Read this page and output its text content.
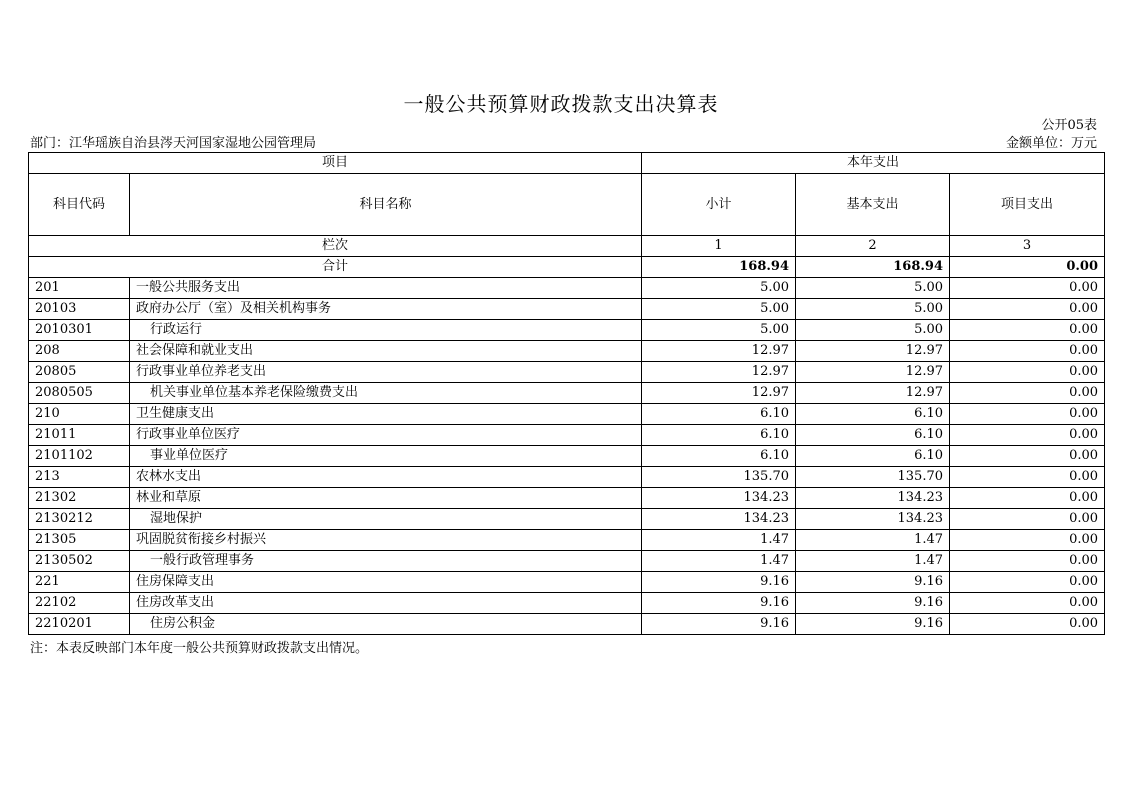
一般公共预算财政拨款支出决算表
公开05表
部门：江华瑶族自治县涔天河国家湿地公园管理局	金额单位：万元
项目		本年支出		
科目代码	科目名称	小计	基本支出	项目支出
栏次		1	2	3
合计		168.94	168.94	0.00
201	一般公共服务支出	5.00	5.00	0.00
20103	政府办公厅（室）及相关机构事务	5.00	5.00	0.00
2010301	行政运行	5.00	5.00	0.00
208	社会保障和就业支出	12.97	12.97	0.00
20805	行政事业单位养老支出	12.97	12.97	0.00
2080505	机关事业单位基本养老保险缴费支出	12.97	12.97	0.00
210	卫生健康支出	6.10	6.10	0.00
21011	行政事业单位医疗	6.10	6.10	0.00
2101102	事业单位医疗	6.10	6.10	0.00
213	农林水支出	135.70	135.70	0.00
21302	林业和草原	134.23	134.23	0.00
2130212	湿地保护	134.23	134.23	0.00
21305	巩固脱贫衔接乡村振兴	1.47	1.47	0.00
2130502	一般行政管理事务	1.47	1.47	0.00
221	住房保障支出	9.16	9.16	0.00
22102	住房改革支出	9.16	9.16	0.00
2210201	住房公积金	9.16	9.16	0.00
注：本表反映部门本年度一般公共预算财政拨款支出情况。
